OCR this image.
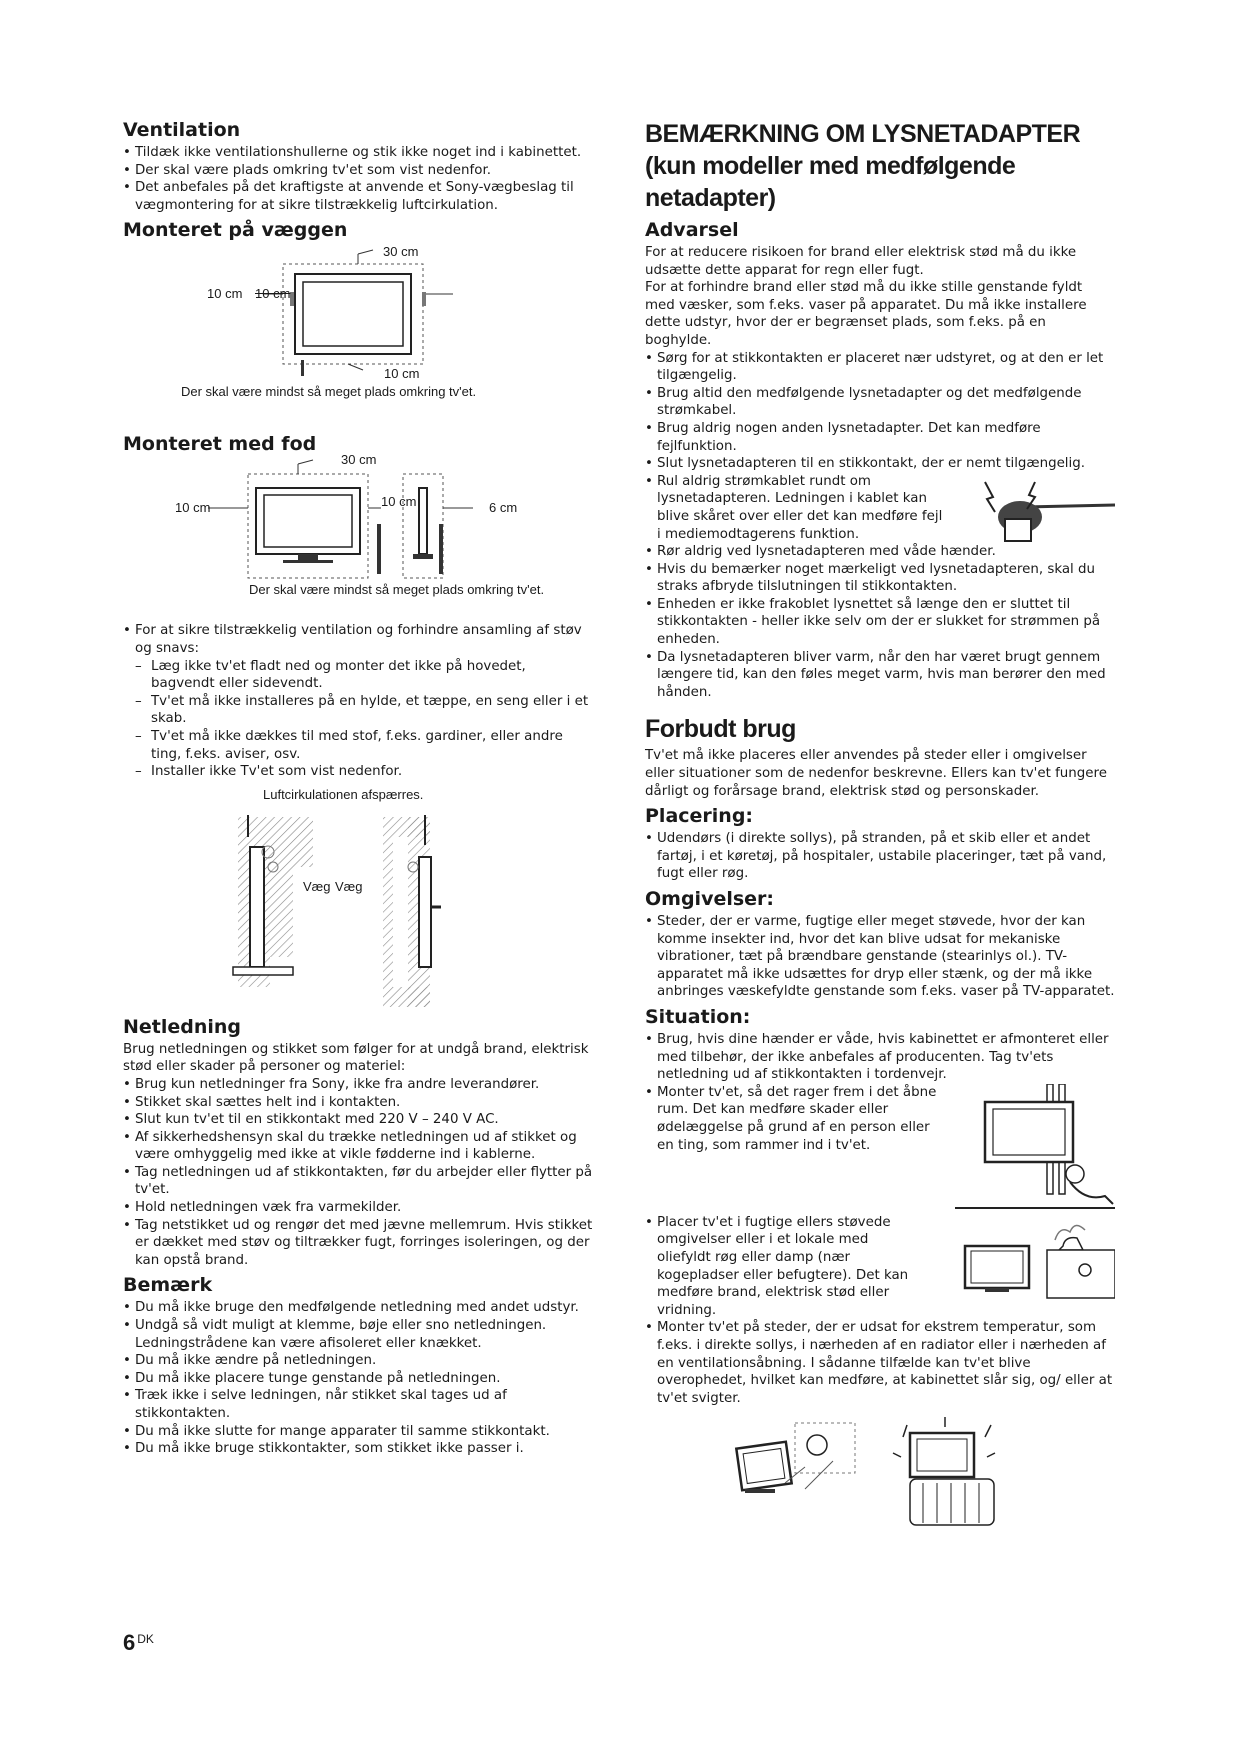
Ventilation
• Tildæk ikke ventilationshullerne og stik ikke noget ind i kabinettet.
• Der skal være plads omkring tv'et som vist nedenfor.
• Det anbefales på det kraftigste at anvende et Sony-vægbeslag til vægmontering for at sikre tilstrækkelig luftcirkulation.
Monteret på væggen
30 cm
10 cm 10 cm
10 cm
Der skal være mindst så meget plads omkring tv'et.
Monteret med fod
30 cm
10 cm	10 cm	6 cm
Der skal være mindst så meget plads omkring tv'et.
• For at sikre tilstrækkelig ventilation og forhindre ansamling af støv og snavs:
– Læg ikke tv'et fladt ned og monter det ikke på hovedet, bagvendt eller sidevendt.
– Tv'et må ikke installeres på en hylde, et tæppe, en seng eller i et skab.
– Tv'et må ikke dækkes til med stof, f.eks. gardiner, eller andre ting, f.eks. aviser, osv.
– Installer ikke Tv'et som vist nedenfor.
Luftcirkulationen afspærres.
Væg Væg
Netledning

Brug netledningen og stikket som følger for at undgå brand, elektrisk stød eller skader på personer og materiel:

• Brug kun netledninger fra Sony, ikke fra andre leverandører.
• Stikket skal sættes helt ind i kontakten.
• Slut kun tv'et til en stikkontakt med 220 V – 240 V AC.
• Af sikkerhedshensyn skal du trække netledningen ud af stikket og være omhyggelig med ikke at vikle fødderne ind i kablerne.
• Tag netledningen ud af stikkontakten, før du arbejder eller flytter på tv'et.
• Hold netledningen væk fra varmekilder.
• Tag netstikket ud og rengør det med jævne mellemrum. Hvis stikket er dækket med støv og tiltrækker fugt, forringes isoleringen, og der kan opstå brand.
Bemærk
• Du må ikke bruge den medfølgende netledning med andet udstyr.
• Undgå så vidt muligt at klemme, bøje eller sno netledningen. Ledningstrådene kan være afisoleret eller knækket.
• Du må ikke ændre på netledningen.
• Du må ikke placere tunge genstande på netledningen.
• Træk ikke i selve ledningen, når stikket skal tages ud af stikkontakten.
• Du må ikke slutte for mange apparater til samme stikkontakt.
• Du må ikke bruge stikkontakter, som stikket ikke passer i.
BEMÆRKNING OM LYSNETADAPTER (kun modeller med medfølgende netadapter)
Advarsel

For at reducere risikoen for brand eller elektrisk stød må du ikke udsætte dette apparat for regn eller fugt.

For at forhindre brand eller stød må du ikke stille genstande fyldt med væsker, som f.eks. vaser på apparatet. Du må ikke installere dette udstyr, hvor der er begrænset plads, som f.eks. på en boghylde.

• Sørg for at stikkontakten er placeret nær udstyret, og at den er let tilgængelig.
• Brug altid den medfølgende lysnetadapter og det medfølgende strømkabel.
• Brug aldrig nogen anden lysnetadapter. Det kan medføre fejlfunktion.
• Slut lysnetadapteren til en stikkontakt, der er nemt tilgængelig.
• Rul aldrig strømkablet rundt om lysnetadapteren. Ledningen i kablet kan blive skåret over eller det kan medføre fejl i mediemodtagerens funktion.
• Rør aldrig ved lysnetadapteren med våde hænder.
• Hvis du bemærker noget mærkeligt ved lysnetadapteren, skal du straks afbryde tilslutningen til stikkontakten.
• Enheden er ikke frakoblet lysnettet så længe den er sluttet til stikkontakten - heller ikke selv om der er slukket for strømmen på enheden.
• Da lysnetadapteren bliver varm, når den har været brugt gennem længere tid, kan den føles meget varm, hvis man berører den med hånden.
Forbudt brug

Tv'et må ikke placeres eller anvendes på steder eller i omgivelser eller situationer som de nedenfor beskrevne. Ellers kan tv'et fungere dårligt og forårsage brand, elektrisk stød og personskader.

Placering:
• Udendørs (i direkte sollys), på stranden, på et skib eller et andet fartøj, i et køretøj, på hospitaler, ustabile placeringer, tæt på vand, fugt eller røg.
Omgivelser:
• Steder, der er varme, fugtige eller meget støvede, hvor der kan komme insekter ind, hvor det kan blive udsat for mekaniske vibrationer, tæt på brændbare genstande (stearinlys ol.). TV-apparatet må ikke udsættes for dryp eller stænk, og der må ikke anbringes væskefyldte genstande som f.eks. vaser på TV-apparatet.
Situation:
• Brug, hvis dine hænder er våde, hvis kabinettet er afmonteret eller med tilbehør, der ikke anbefales af producenten. Tag tv'ets netledning ud af stikkontakten i tordenvejr.
• Monter tv'et, så det rager frem i det åbne rum. Det kan medføre skader eller ødelæggelse på grund af en person eller en ting, som rammer ind i tv'et.
• Placer tv'et i fugtige ellers støvede omgivelser eller i et lokale med oliefyldt røg eller damp (nær kogepladser eller befugtere). Det kan medføre brand, elektrisk stød eller vridning.
• Monter tv'et på steder, der er udsat for ekstrem temperatur, som f.eks. i direkte sollys, i nærheden af en radiator eller i nærheden af en ventilationsåbning. I sådanne tilfælde kan tv'et blive overophedet, hvilket kan medføre, at kabinettet slår sig, og/ eller at tv'et svigter.
6 $^{DK}$
